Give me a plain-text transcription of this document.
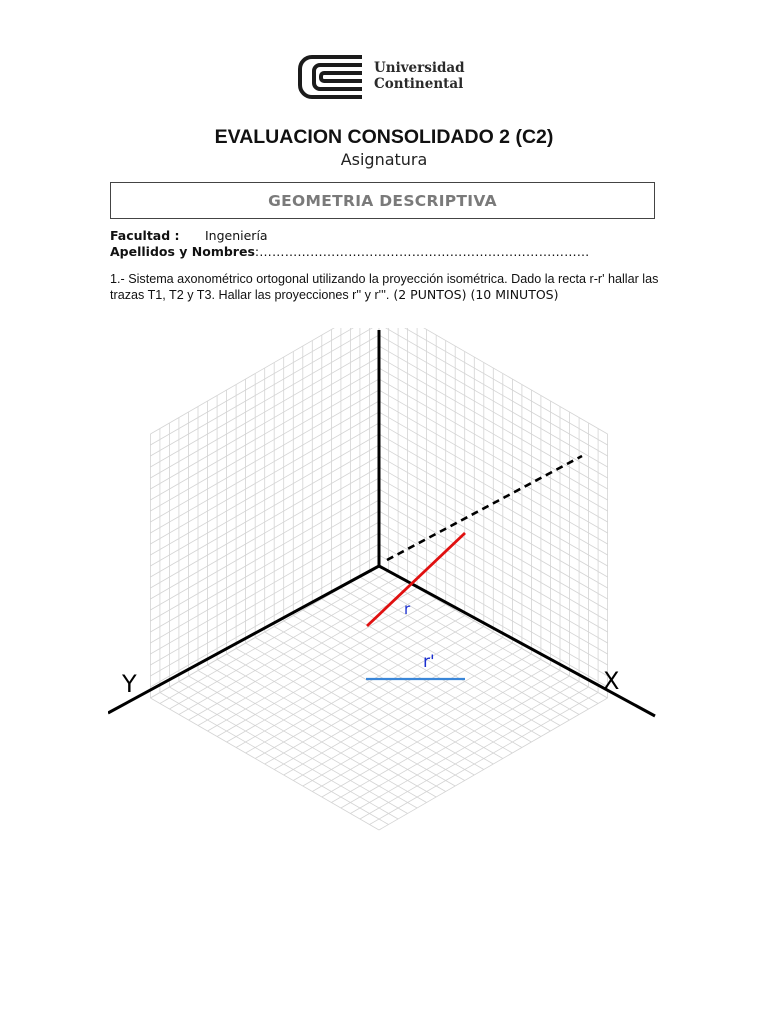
Universidad
Continental
EVALUACION CONSOLIDADO 2 (C2)
Asignatura
GEOMETRIA DESCRIPTIVA
Facultad : Ingeniería
Apellidos y Nombres:……………………………………………………………………
1.- Sistema axonométrico ortogonal utilizando la proyección isométrica. Dado la recta r-r' hallar las trazas T1, T2 y T3. Hallar las proyecciones r'' y r'''. (2 PUNTOS) (10 MINUTOS)
r
r'
Y	X
